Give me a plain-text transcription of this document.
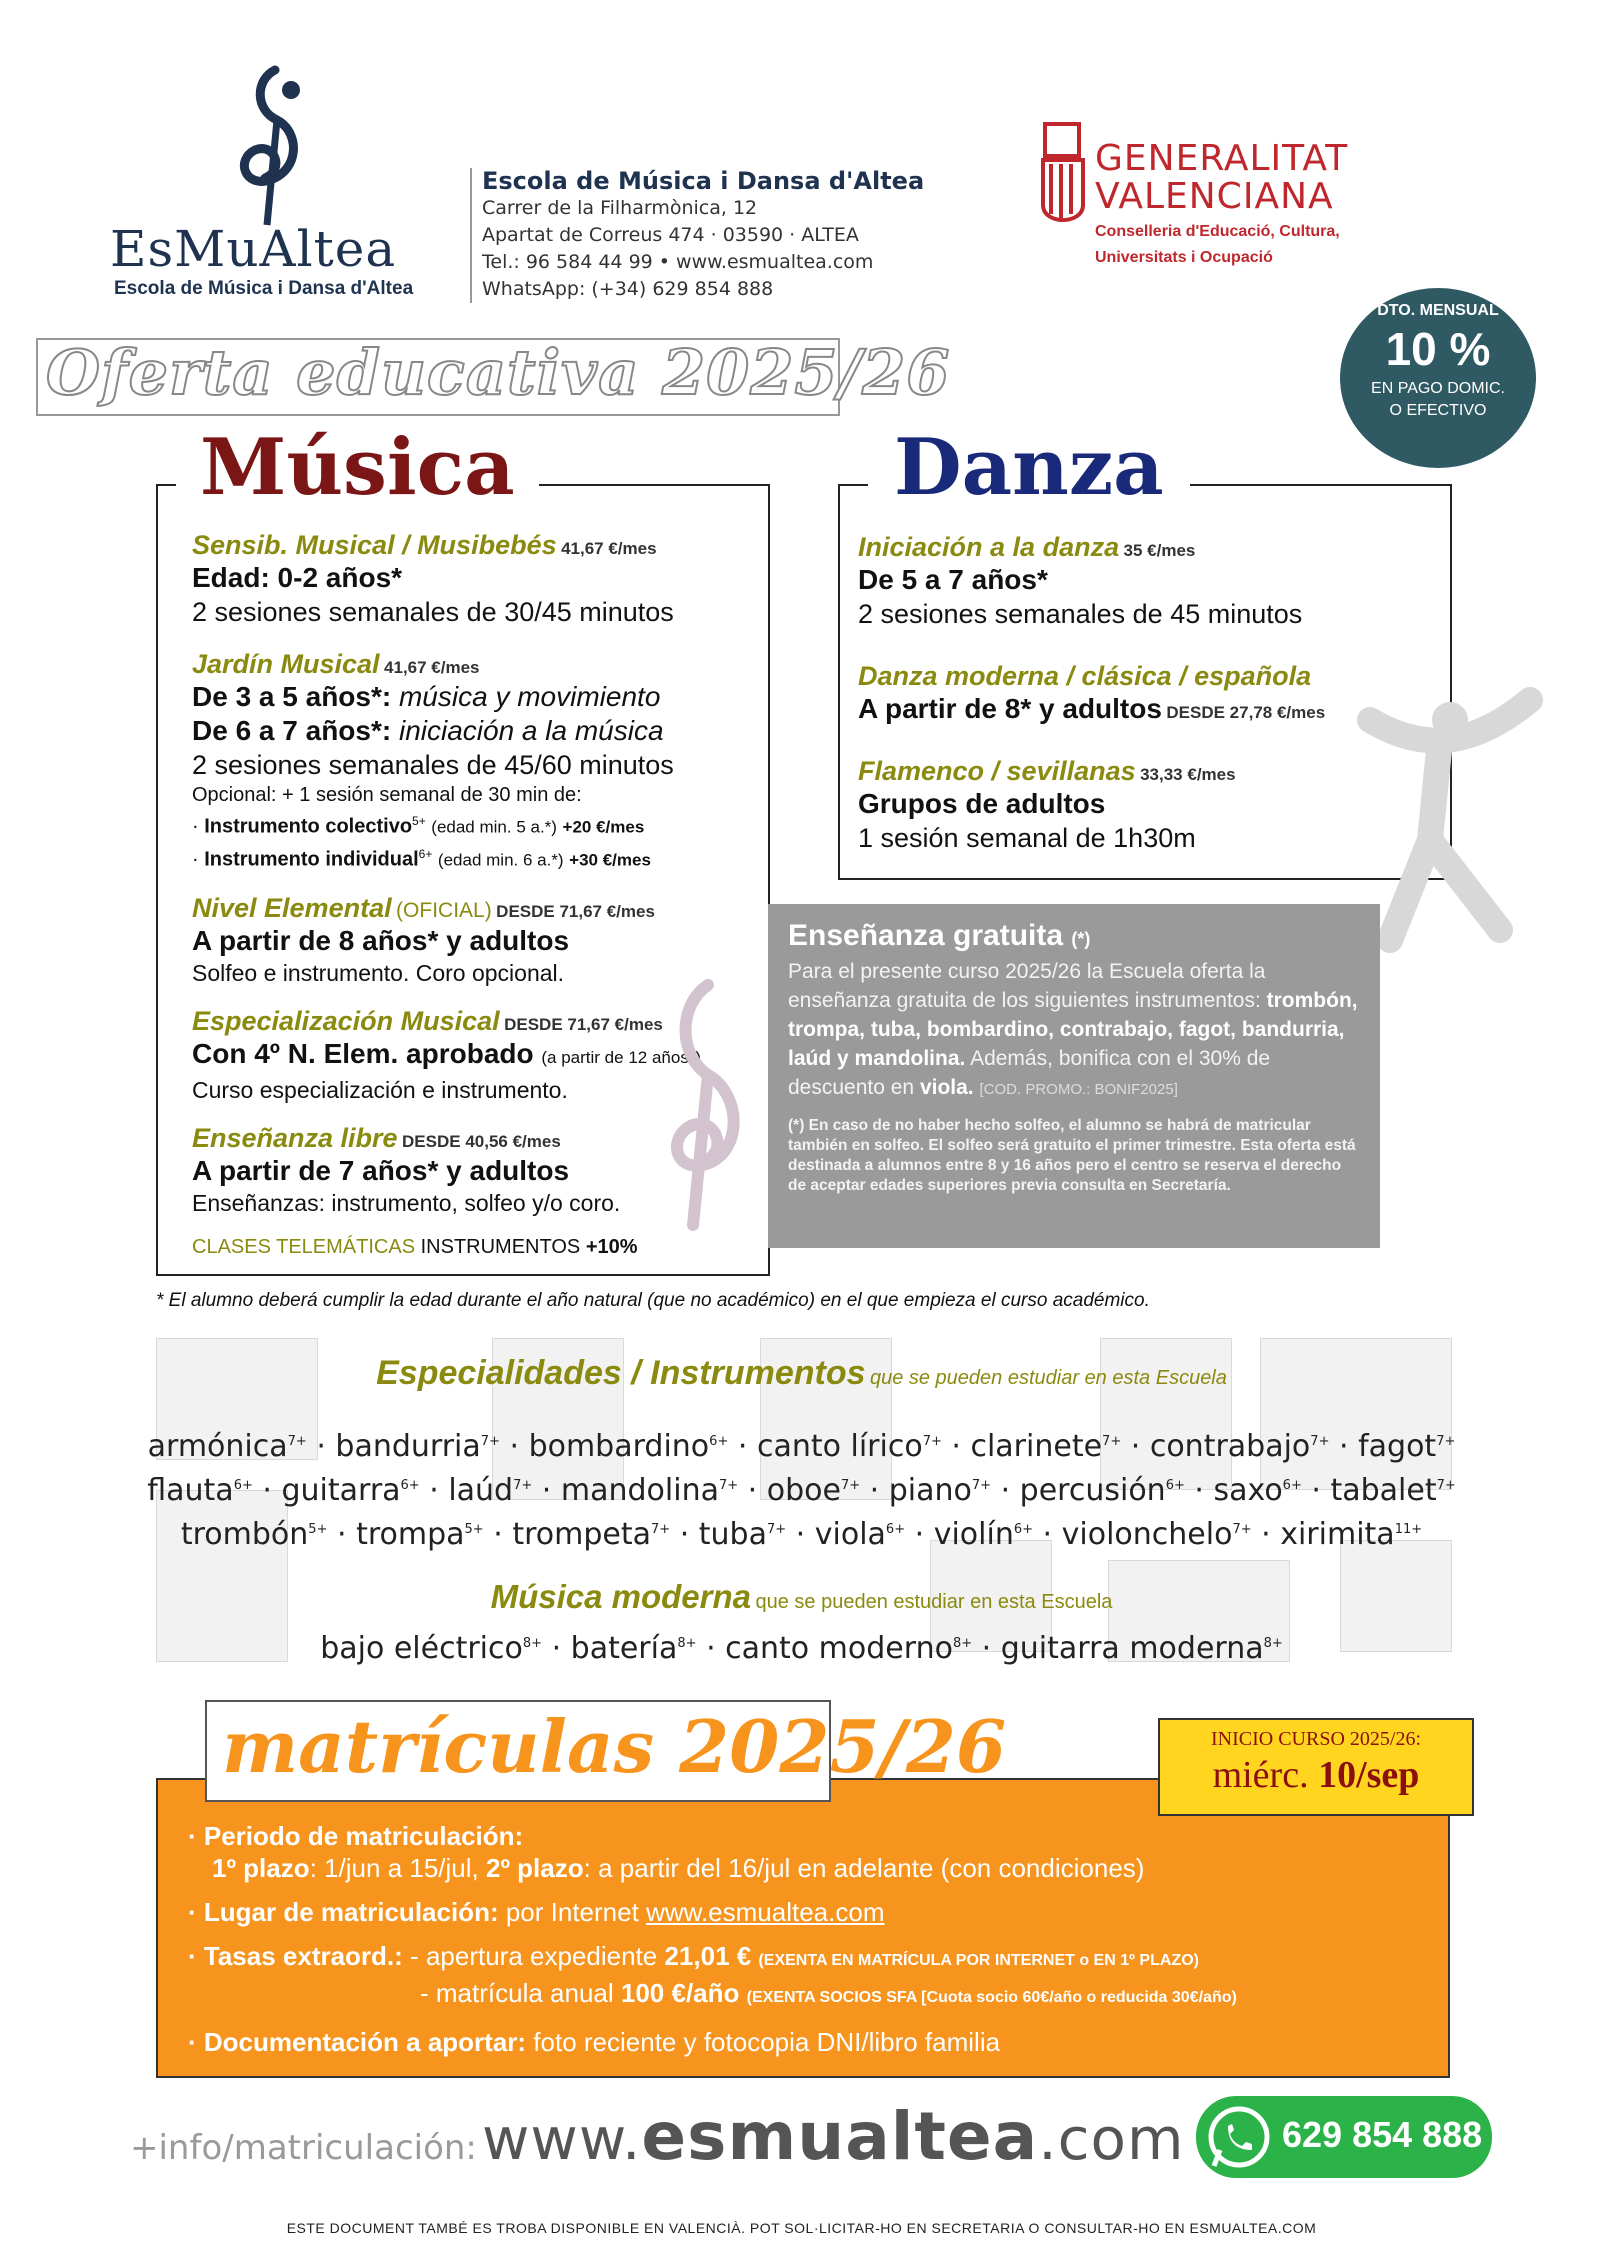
EsMuAltea
Escola de Música i Dansa d'Altea
Escola de Música i Dansa d'Altea
Carrer de la Filharmònica, 12
Apartat de Correus 474 · 03590 · ALTEA
Tel.: 96 584 44 99 • www.esmualtea.com
WhatsApp: (+34) 629 854 888
GENERALITAT
VALENCIANA
Conselleria d'Educació, Cultura,
Universitats i Ocupació
DTO. MENSUAL
10 %
EN PAGO DOMIC.
O EFECTIVO
Oferta educativa 2025/26
Música
Sensib. Musical / Musibebés 41,67 €/mes
Edad: 0-2 años*
2 sesiones semanales de 30/45 minutos
Jardín Musical 41,67 €/mes
De 3 a 5 años*: música y movimiento
De 6 a 7 años*: iniciación a la música
2 sesiones semanales de 45/60 minutos
Opcional: + 1 sesión semanal de 30 min de:
· Instrumento colectivo$^{5+}$ (edad min. 5 a.*) +20 €/mes
· Instrumento individual$^{6+}$ (edad min. 6 a.*) +30 €/mes
Nivel Elemental (OFICIAL) DESDE 71,67 €/mes
A partir de 8 años* y adultos
Solfeo e instrumento. Coro opcional.
Especialización Musical DESDE 71,67 €/mes
Con 4º N. Elem. aprobado (a partir de 12 años*)
Curso especialización e instrumento.
Enseñanza libre DESDE 40,56 €/mes
A partir de 7 años* y adultos
Enseñanzas: instrumento, solfeo y/o coro.
CLASES TELEMÁTICAS INSTRUMENTOS +10%
Danza
Iniciación a la danza 35 €/mes
De 5 a 7 años*
2 sesiones semanales de 45 minutos
Danza moderna / clásica / española
A partir de 8* y adultos DESDE 27,78 €/mes
Flamenco / sevillanas 33,33 €/mes
Grupos de adultos
1 sesión semanal de 1h30m
Enseñanza gratuita (*)
Para el presente curso 2025/26 la Escuela oferta la enseñanza gratuita de los siguientes instrumentos: trombón, trompa, tuba, bombardino, contrabajo, fagot, bandurria, laúd y mandolina. Además, bonifica con el 30% de descuento en viola. [COD. PROMO.: BONIF2025]
(*) En caso de no haber hecho solfeo, el alumno se habrá de matricular también en solfeo. El solfeo será gratuito el primer trimestre. Esta oferta está destinada a alumnos entre 8 y 16 años pero el centro se reserva el derecho de aceptar edades superiores previa consulta en Secretaría.
* El alumno deberá cumplir la edad durante el año natural (que no académico) en el que empieza el curso académico.
Especialidades / Instrumentos que se pueden estudiar en esta Escuela
armónica$^{7+}$ · bandurria$^{7+}$ · bombardino$^{6+}$ · canto lírico$^{7+}$ · clarinete$^{7+}$ · contrabajo$^{7+}$ · fagot$^{7+}$
flauta$^{6+}$ · guitarra$^{6+}$ · laúd$^{7+}$ · mandolina$^{7+}$ · oboe$^{7+}$ · piano$^{7+}$ · percusión$^{6+}$ · saxo$^{6+}$ · tabalet$^{7+}$
trombón$^{5+}$ · trompa$^{5+}$ · trompeta$^{7+}$ · tuba$^{7+}$ · viola$^{6+}$ · violín$^{6+}$ · violonchelo$^{7+}$ · xirimita$^{11+}$
Música moderna que se pueden estudiar en esta Escuela
bajo eléctrico$^{8+}$ · batería$^{8+}$ · canto moderno$^{8+}$ · guitarra moderna$^{8+}$
· Periodo de matriculación:
1º plazo: 1/jun a 15/jul, 2º plazo: a partir del 16/jul en adelante (con condiciones)
· Lugar de matriculación: por Internet www.esmualtea.com
· Tasas extraord.: - apertura expediente 21,01 € (EXENTA EN MATRÍCULA POR INTERNET o EN 1º PLAZO)
- matrícula anual 100 €/año (EXENTA SOCIOS SFA [Cuota socio 60€/año o reducida 30€/año)
· Documentación a aportar: foto reciente y fotocopia DNI/libro familia
matrículas 2025/26	INICIO CURSO 2025/26:
miérc. 10/sep
+info/matriculación: www.esmualtea.com	629 854 888
ESTE DOCUMENT TAMBÉ ES TROBA DISPONIBLE EN VALENCIÀ. POT SOL·LICITAR-HO EN SECRETARIA O CONSULTAR-HO EN ESMUALTEA.COM
